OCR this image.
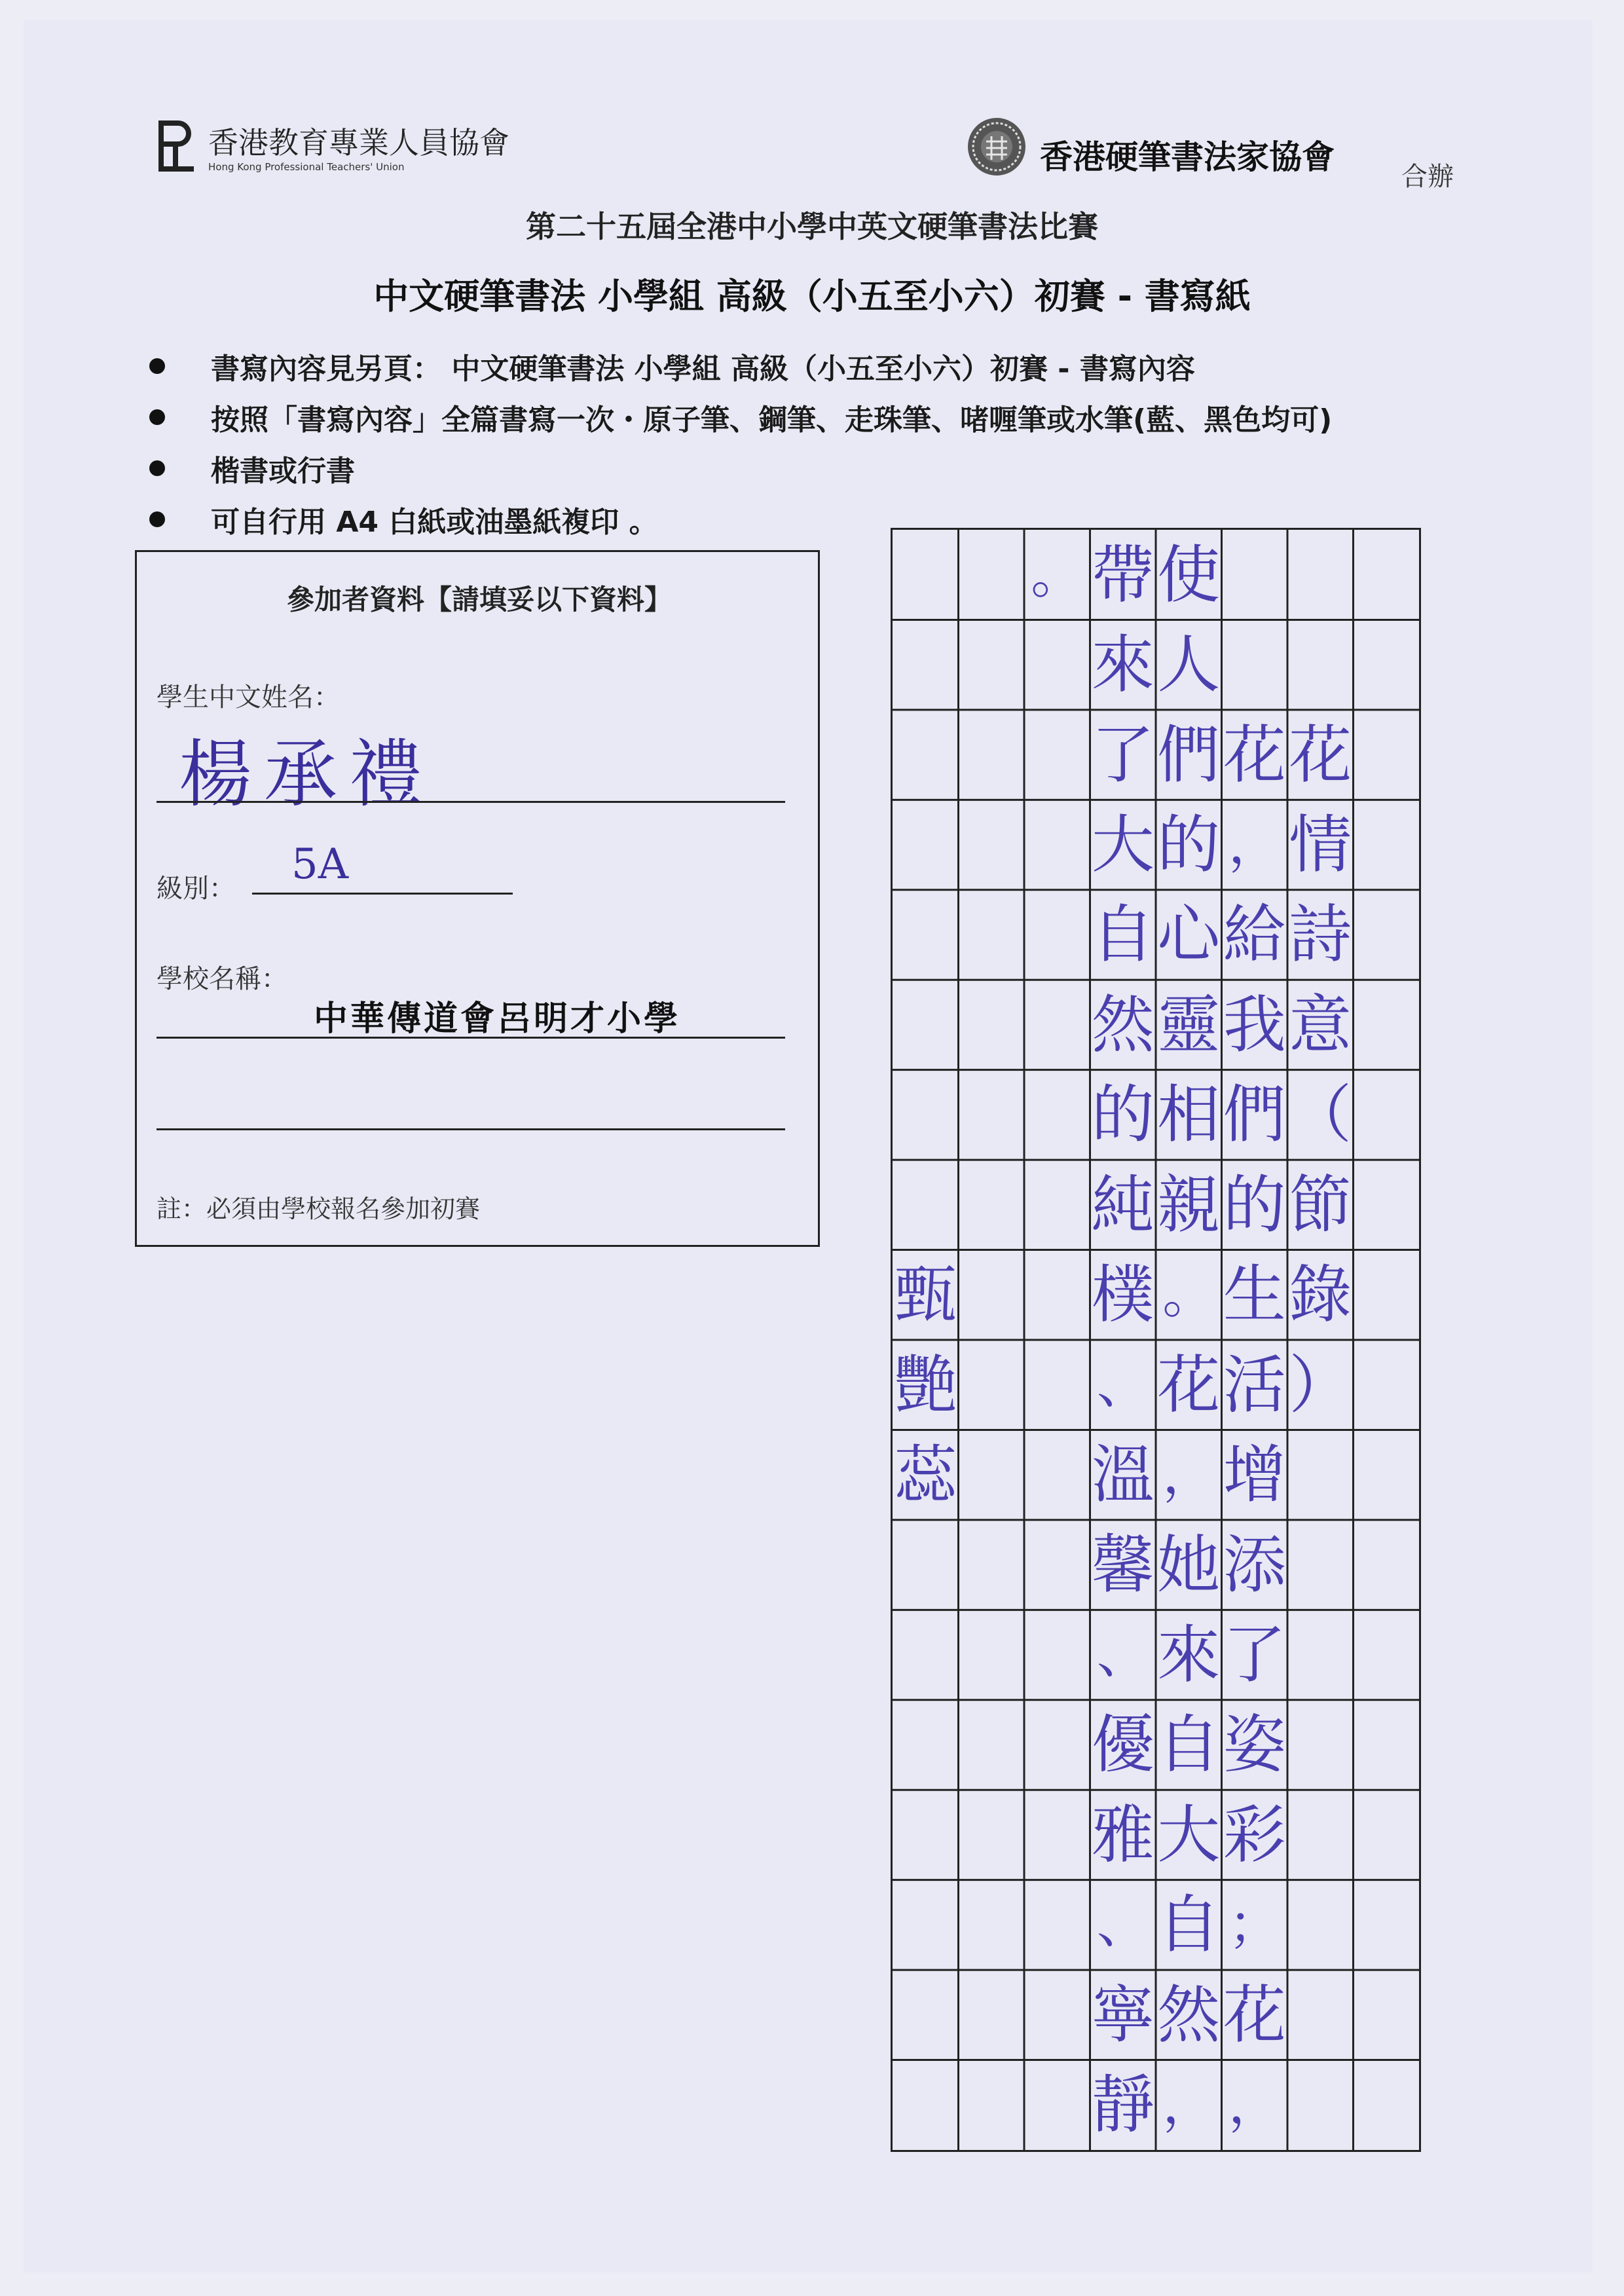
香港教育專業人員協會
Hong Kong Professional Teachers' Union	香港硬筆書法家協會
合辦
第二十五屆全港中小學中英文硬筆書法比賽
中文硬筆書法 小學組 高級（小五至小六）初賽 - 書寫紙
書寫內容見另頁： 中文硬筆書法 小學組 高級（小五至小六）初賽 - 書寫內容
按照「書寫內容」全篇書寫一次・原子筆、鋼筆、走珠筆、啫喱筆或水筆(藍、黑色均可)
楷書或行書
可自行用 A4 白紙或油墨紙複印 。
參加者資料【請填妥以下資料】
學生中文姓名：
楊承禮
級別： 5A
學校名稱：
中華傳道會呂明才小學
註：必須由學校報名參加初賽
甄
艷
蕊
。 帶
來
了
大
自
然
的
純
樸
、
溫
馨
、
優
雅
、
寧
靜
使
人
們
的
心
靈
相
親
。
花
，
她
來
自
大
自
然
，
花
，
給
我
們
的
生
活
增
添
了
姿
彩
；
花
，
花
情
詩
意
（
節
錄
）
